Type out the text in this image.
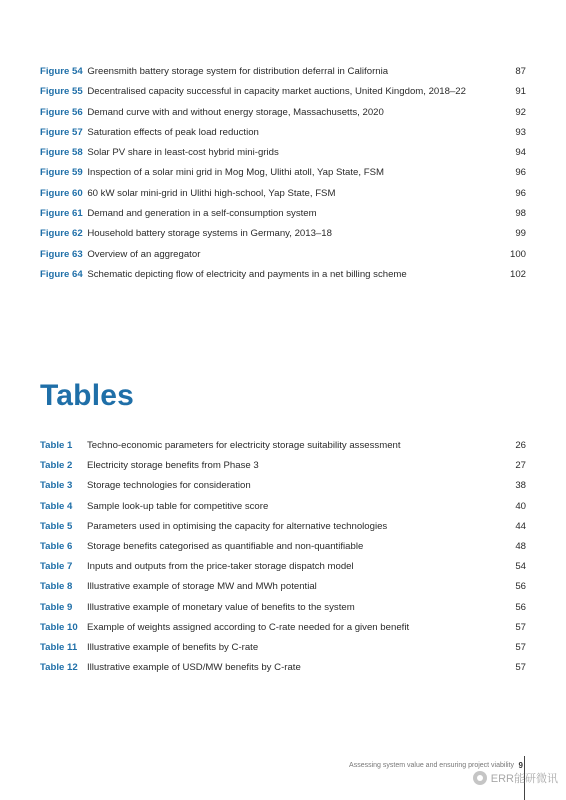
Figure 54 Greensmith battery storage system for distribution deferral in California	87
Figure 55 Decentralised capacity successful in capacity market auctions, United Kingdom, 2018–22	91
Figure 56 Demand curve with and without energy storage, Massachusetts, 2020	92
Figure 57 Saturation effects of peak load reduction	93
Figure 58 Solar PV share in least-cost hybrid mini-grids	94
Figure 59 Inspection of a solar mini grid in Mog Mog, Ulithi atoll, Yap State, FSM	96
Figure 60 60 kW solar mini-grid in Ulithi high-school, Yap State, FSM	96
Figure 61 Demand and generation in a self-consumption system	98
Figure 62 Household battery storage systems in Germany, 2013–18	99
Figure 63 Overview of an aggregator	100
Figure 64 Schematic depicting flow of electricity and payments in a net billing scheme	102
Tables
Table 1 Techno-economic parameters for electricity storage suitability assessment	26
Table 2 Electricity storage benefits from Phase 3	27
Table 3 Storage technologies for consideration	38
Table 4 Sample look-up table for competitive score	40
Table 5 Parameters used in optimising the capacity for alternative technologies	44
Table 6 Storage benefits categorised as quantifiable and non-quantifiable	48
Table 7 Inputs and outputs from the price-taker storage dispatch model	54
Table 8 Illustrative example of storage MW and MWh potential	56
Table 9 Illustrative example of monetary value of benefits to the system	56
Table 10 Example of weights assigned according to C-rate needed for a given benefit	57
Table 11 Illustrative example of benefits by C-rate	57
Table 12 Illustrative example of USD/MW benefits by C-rate	57
Assessing system value and ensuring project viability 9
ERR能研微讯
